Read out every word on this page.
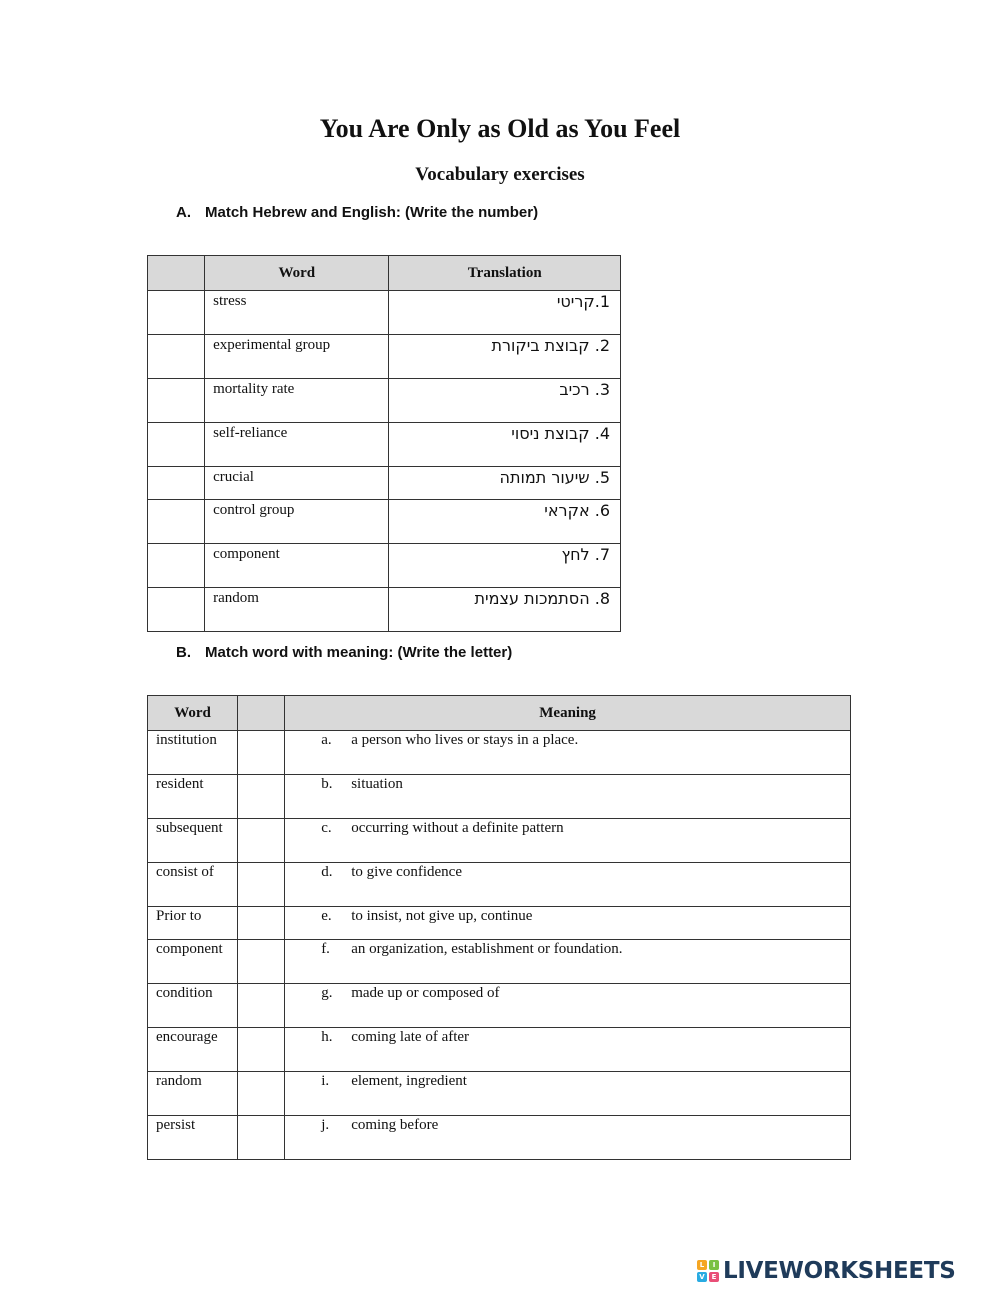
You Are Only as Old as You Feel
Vocabulary exercises
A. Match Hebrew and English: (Write the number)
	Word	Translation
	stress	1.קריטי
	experimental group	2. קבוצת ביקורת
	mortality rate	3. רכיב
	self-reliance	4. קבוצת ניסוי
	crucial	5. שיעור תמותה
	control group	6. אקראי
	component	7. לחץ
	random	8. הסתמכות עצמית
B. Match word with meaning: (Write the letter)
Word		Meaning
institution		a. a person who lives or stays in a place.
resident		b. situation
subsequent		c. occurring without a definite pattern
consist of		d. to give confidence
Prior to		e. to insist, not give up, continue
component		f. an organization, establishment or foundation.
condition		g. made up or composed of
encourage		h. coming late of after
random		i. element, ingredient
persist		j. coming before
L	I
V E LIVEWORKSHEETS
